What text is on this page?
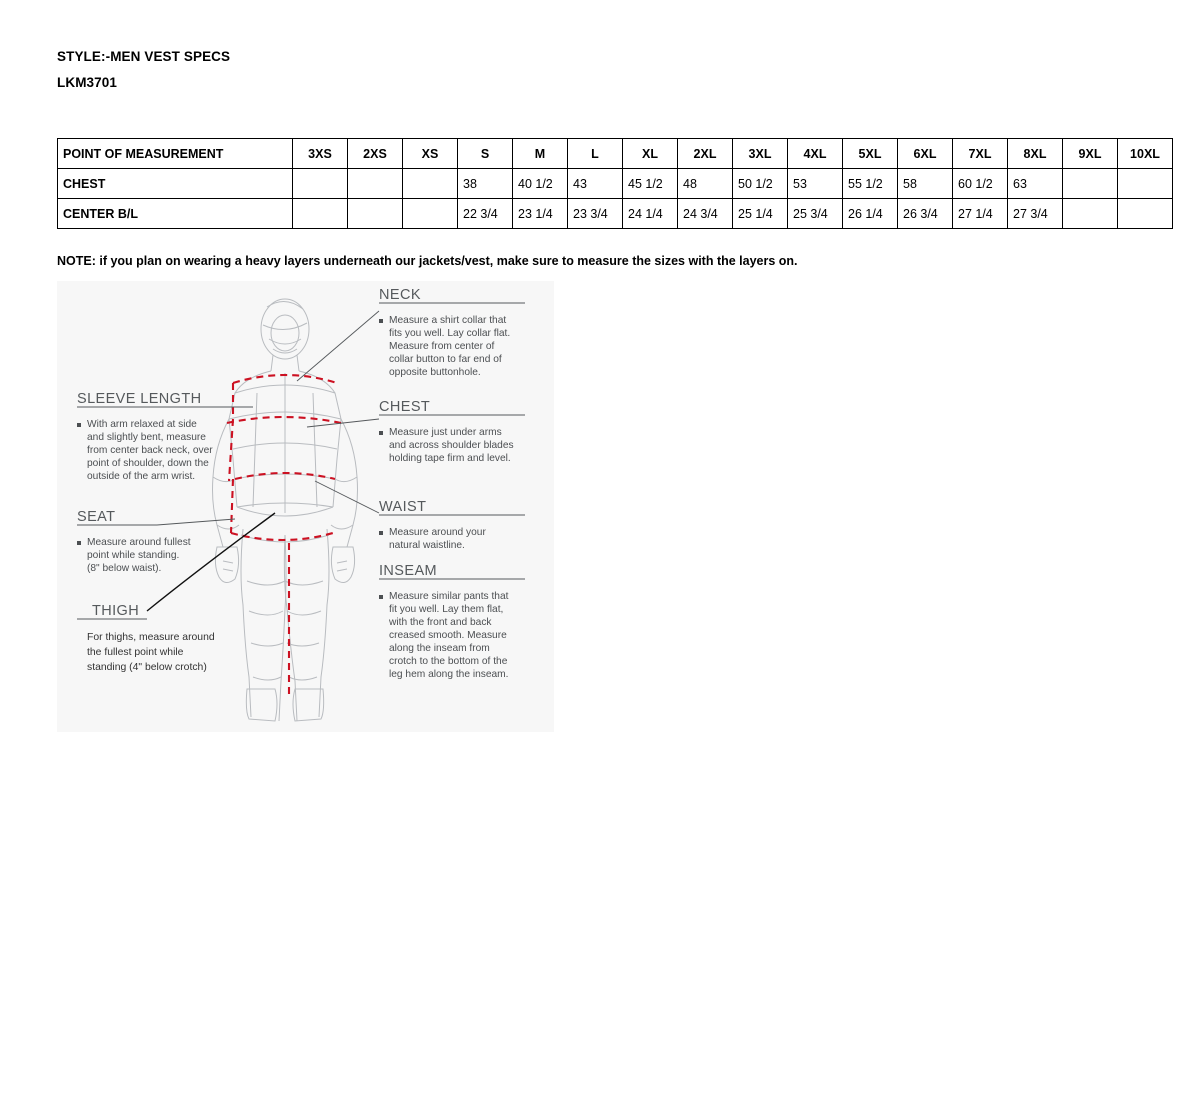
STYLE:-MEN VEST SPECS
LKM3701
POINT OF MEASUREMENT	3XS	2XS	XS	S	M	L	XL	2XL	3XL	4XL	5XL	6XL	7XL	8XL	9XL	10XL
CHEST				38	40 1/2	43	45 1/2	48	50 1/2	53	55 1/2	58	60 1/2	63		
CENTER B/L				22 3/4	23 1/4	23 3/4	24 1/4	24 3/4	25 1/4	25 3/4	26 1/4	26 3/4	27 1/4	27 3/4		
NOTE: if you plan on wearing a heavy layers underneath our jackets/vest, make sure to measure the sizes with the layers on.
NECK
Measure a shirt collar that
fits you well. Lay collar flat.
Measure from center of
collar button to far end of
opposite buttonhole.
CHEST
Measure just under arms
and across shoulder blades
holding tape firm and level.
WAIST
Measure around your
natural waistline.
INSEAM
Measure similar pants that
fit you well. Lay them flat,
with the front and back
creased smooth. Measure
along the inseam from
crotch to the bottom of the
leg hem along the inseam.
SLEEVE LENGTH
With arm relaxed at side
and slightly bent, measure
from center back neck, over
point of shoulder, down the
outside of the arm wrist.
SEAT
Measure around fullest
point while standing.
(8" below waist).
THIGH
For thighs, measure around
the fullest point while
standing (4" below crotch)
